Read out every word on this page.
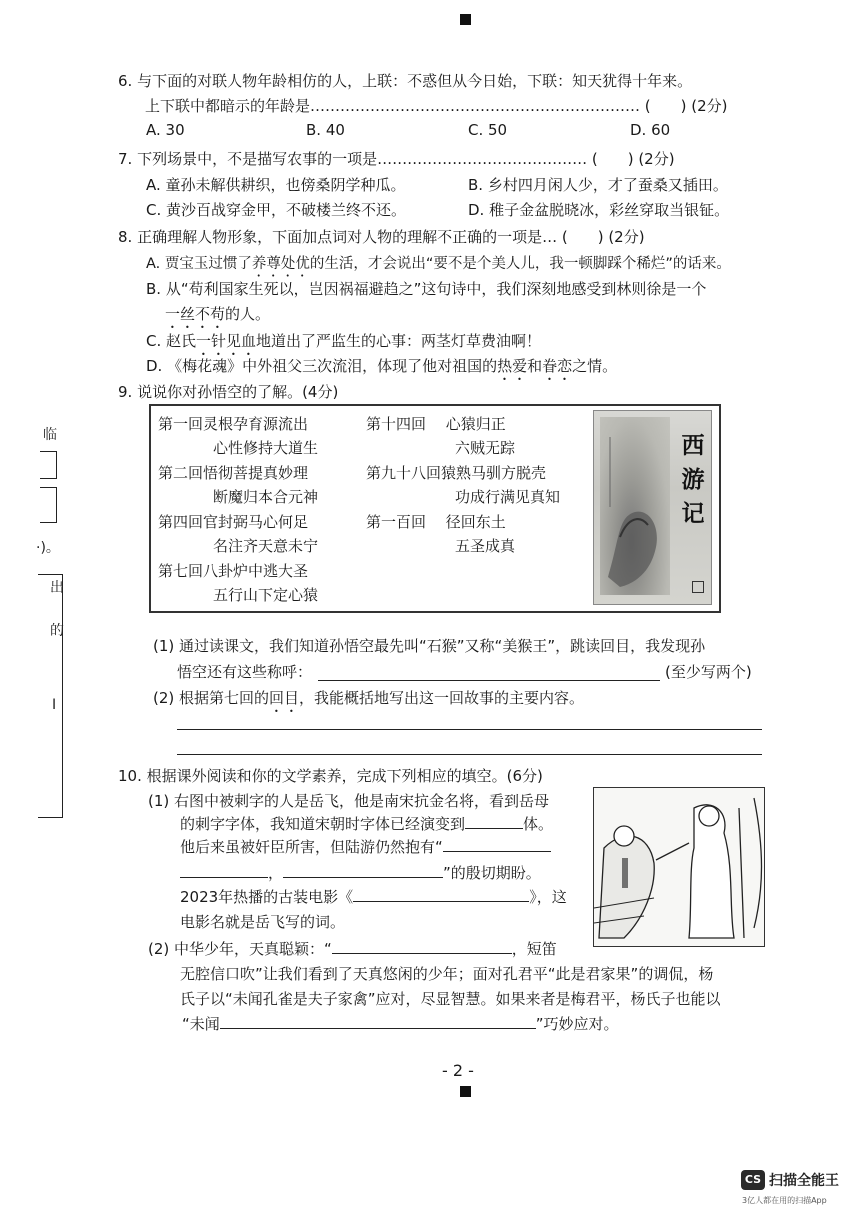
临
·)。
出
的
I
6. 与下面的对联人物年龄相仿的人，上联：不惑但从今日始，下联：知天犹得十年来。
上下联中都暗示的年龄是………………………………………………………… (　　) (2分)
A. 30	B. 40	C. 50	D. 60
7. 下列场景中，不是描写农事的一项是…………………………………… (　　) (2分)
A. 童孙未解供耕织，也傍桑阴学种瓜。	B. 乡村四月闲人少，才了蚕桑又插田。
C. 黄沙百战穿金甲，不破楼兰终不还。	D. 稚子金盆脱晓冰，彩丝穿取当银钲。
8. 正确理解人物形象，下面加点词对人物的理解不正确的一项是… (　　) (2分)
A. 贾宝玉过惯了养尊处优的生活，才会说出“要不是个美人儿，我一顿脚踩个稀烂”的话来。
B. 从“苟利国家生死以，岂因祸福避趋之”这句诗中，我们深刻地感受到林则徐是一个
一丝不苟的人。
C. 赵氏一针见血地道出了严监生的心事：两茎灯草费油啊！
D. 《梅花魂》中外祖父三次流泪，体现了他对祖国的热爱和眷恋之情。
9. 说说你对孙悟空的了解。(4分)
第一回灵根孕育源流出
心性修持大道生
第二回悟彻菩提真妙理
断魔归本合元神
第四回官封弼马心何足
名注齐天意未宁
第七回八卦炉中逃大圣
五行山下定心猿
第十四回　 心猿归正
六贼无踪
第九十八回猿熟马驯方脱壳
功成行满见真知
第一百回　 径回东土
五圣成真
西游记
(1) 通过读课文，我们知道孙悟空最先叫“石猴”又称“美猴王”，跳读回目，我发现孙
悟空还有这些称呼：	(至少写两个)
(2) 根据第七回的回目，我能概括地写出这一回故事的主要内容。
10. 根据课外阅读和你的文学素养，完成下列相应的填空。(6分)
(1) 右图中被刺字的人是岳飞，他是南宋抗金名将，看到岳母
的刺字字体，我知道宋朝时字体已经演变到	体。
他后来虽被奸臣所害，但陆游仍然抱有“
，	”的殷切期盼。
2023年热播的古装电影《	》，这
电影名就是岳飞写的词。
(2) 中华少年，天真聪颖：“	，短笛
无腔信口吹”让我们看到了天真悠闲的少年；面对孔君平“此是君家果”的调侃，杨
氏子以“未闻孔雀是夫子家禽”应对，尽显智慧。如果来者是梅君平，杨氏子也能以
“未闻	”巧妙应对。
- 2 -
CS 扫描全能王
3亿人都在用的扫描App
